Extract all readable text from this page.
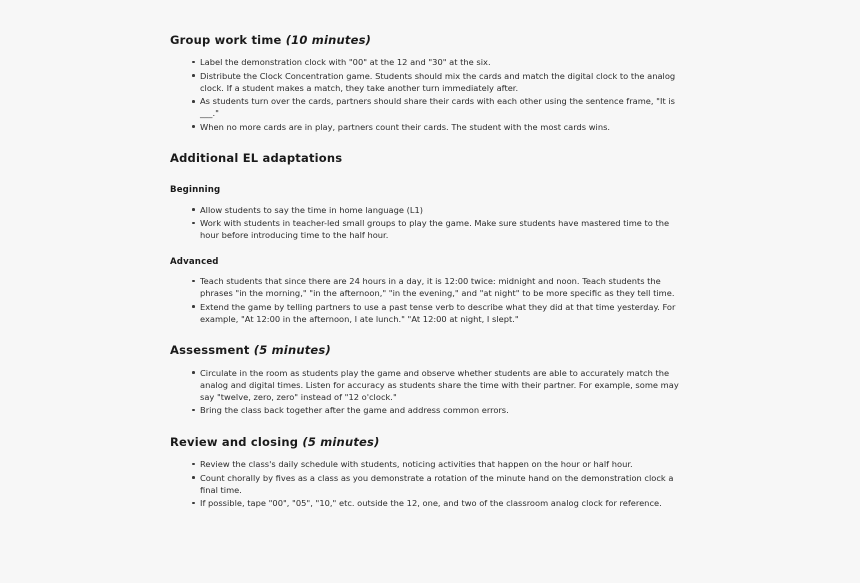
Group work time (10 minutes)
Label the demonstration clock with "00" at the 12 and "30" at the six.
Distribute the Clock Concentration game. Students should mix the cards and match the digital clock to the analog clock. If a student makes a match, they take another turn immediately after.
As students turn over the cards, partners should share their cards with each other using the sentence frame, "It is ___."
When no more cards are in play, partners count their cards. The student with the most cards wins.
Additional EL adaptations
Beginning
Allow students to say the time in home language (L1)
Work with students in teacher-led small groups to play the game. Make sure students have mastered time to the hour before introducing time to the half hour.
Advanced
Teach students that since there are 24 hours in a day, it is 12:00 twice: midnight and noon. Teach students the phrases "in the morning," "in the afternoon," "in the evening," and "at night" to be more specific as they tell time.
Extend the game by telling partners to use a past tense verb to describe what they did at that time yesterday. For example, "At 12:00 in the afternoon, I ate lunch." "At 12:00 at night, I slept."
Assessment (5 minutes)
Circulate in the room as students play the game and observe whether students are able to accurately match the analog and digital times. Listen for accuracy as students share the time with their partner. For example, some may say "twelve, zero, zero" instead of "12 o'clock."
Bring the class back together after the game and address common errors.
Review and closing (5 minutes)
Review the class's daily schedule with students, noticing activities that happen on the hour or half hour.
Count chorally by fives as a class as you demonstrate a rotation of the minute hand on the demonstration clock a final time.
If possible, tape "00", "05", "10," etc. outside the 12, one, and two of the classroom analog clock for reference.
